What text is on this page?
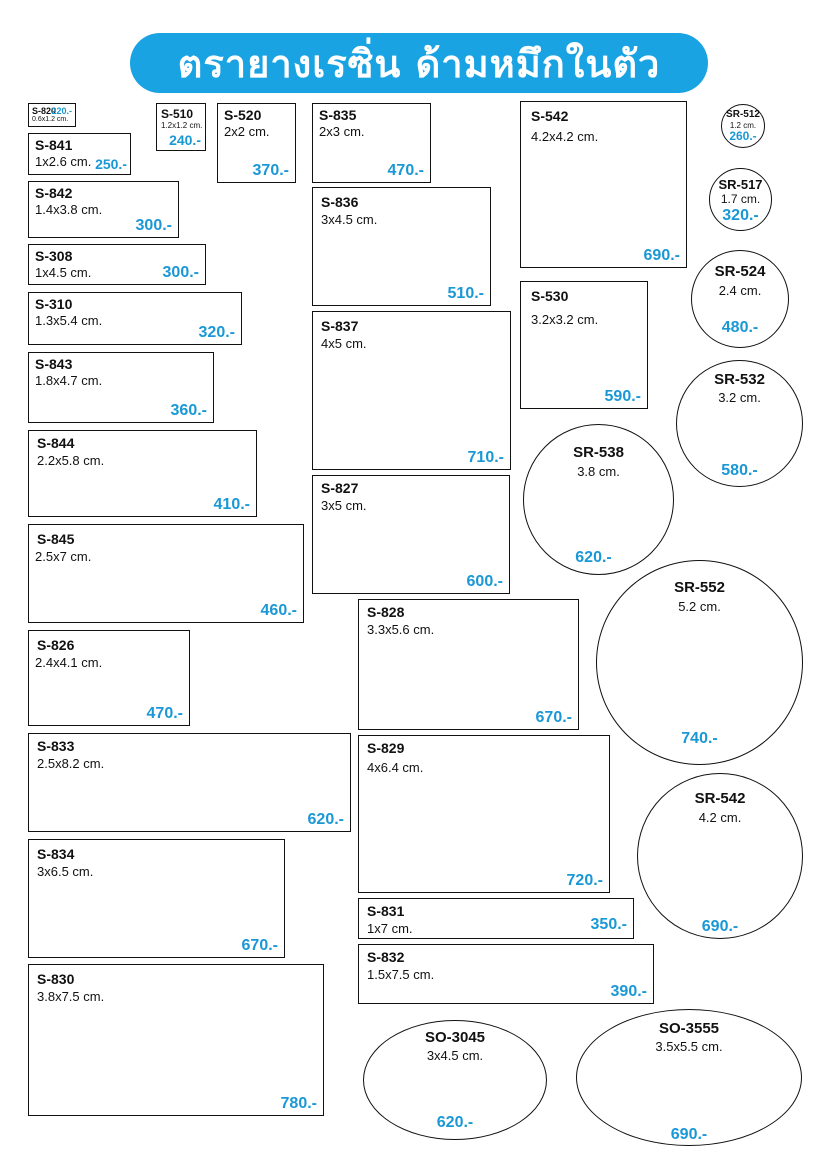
ตรายางเรซิ่น ด้ามหมึกในตัว
S-820
220.-
0.6x1.2 cm.	S-510
1.2x1.2 cm.
240.-
S-520
2x2 cm.
370.-
S-835
2x3 cm.
470.-
S-542
4.2x4.2 cm.
690.-
S-841
1x2.6 cm. 250.-
S-842
1.4x3.8 cm.
300.-
S-836
3x4.5 cm.
510.-
S-308
1x4.5 cm.	300.-
S-530
3.2x3.2 cm.
590.-
S-310
1.3x5.4 cm.
320.-	S-837
4x5 cm.
710.-
S-843
1.8x4.7 cm.
360.-
S-844
2.2x5.8 cm.
410.-
S-827
3x5 cm.
600.-
S-845
2.5x7 cm.
460.-	S-828
3.3x5.6 cm.
670.-
S-826
2.4x4.1 cm.
470.-
S-833
2.5x8.2 cm.
620.-
S-829
4x6.4 cm.
720.-
S-834
3x6.5 cm.
670.-
S-831
1x7 cm.	350.-
S-832
1.5x7.5 cm.
390.-
S-830
3.8x7.5 cm.
780.-
SR-512
1.2 cm.
260.-
SR-517
1.7 cm.
320.-
SR-524
2.4 cm.
480.-
SR-532
3.2 cm.
580.-
SR-538
3.8 cm.
620.-
SR-552
5.2 cm.
740.-
SR-542
4.2 cm.
690.-
SO-3045
3x4.5 cm.
620.-
SO-3555
3.5x5.5 cm.
690.-
